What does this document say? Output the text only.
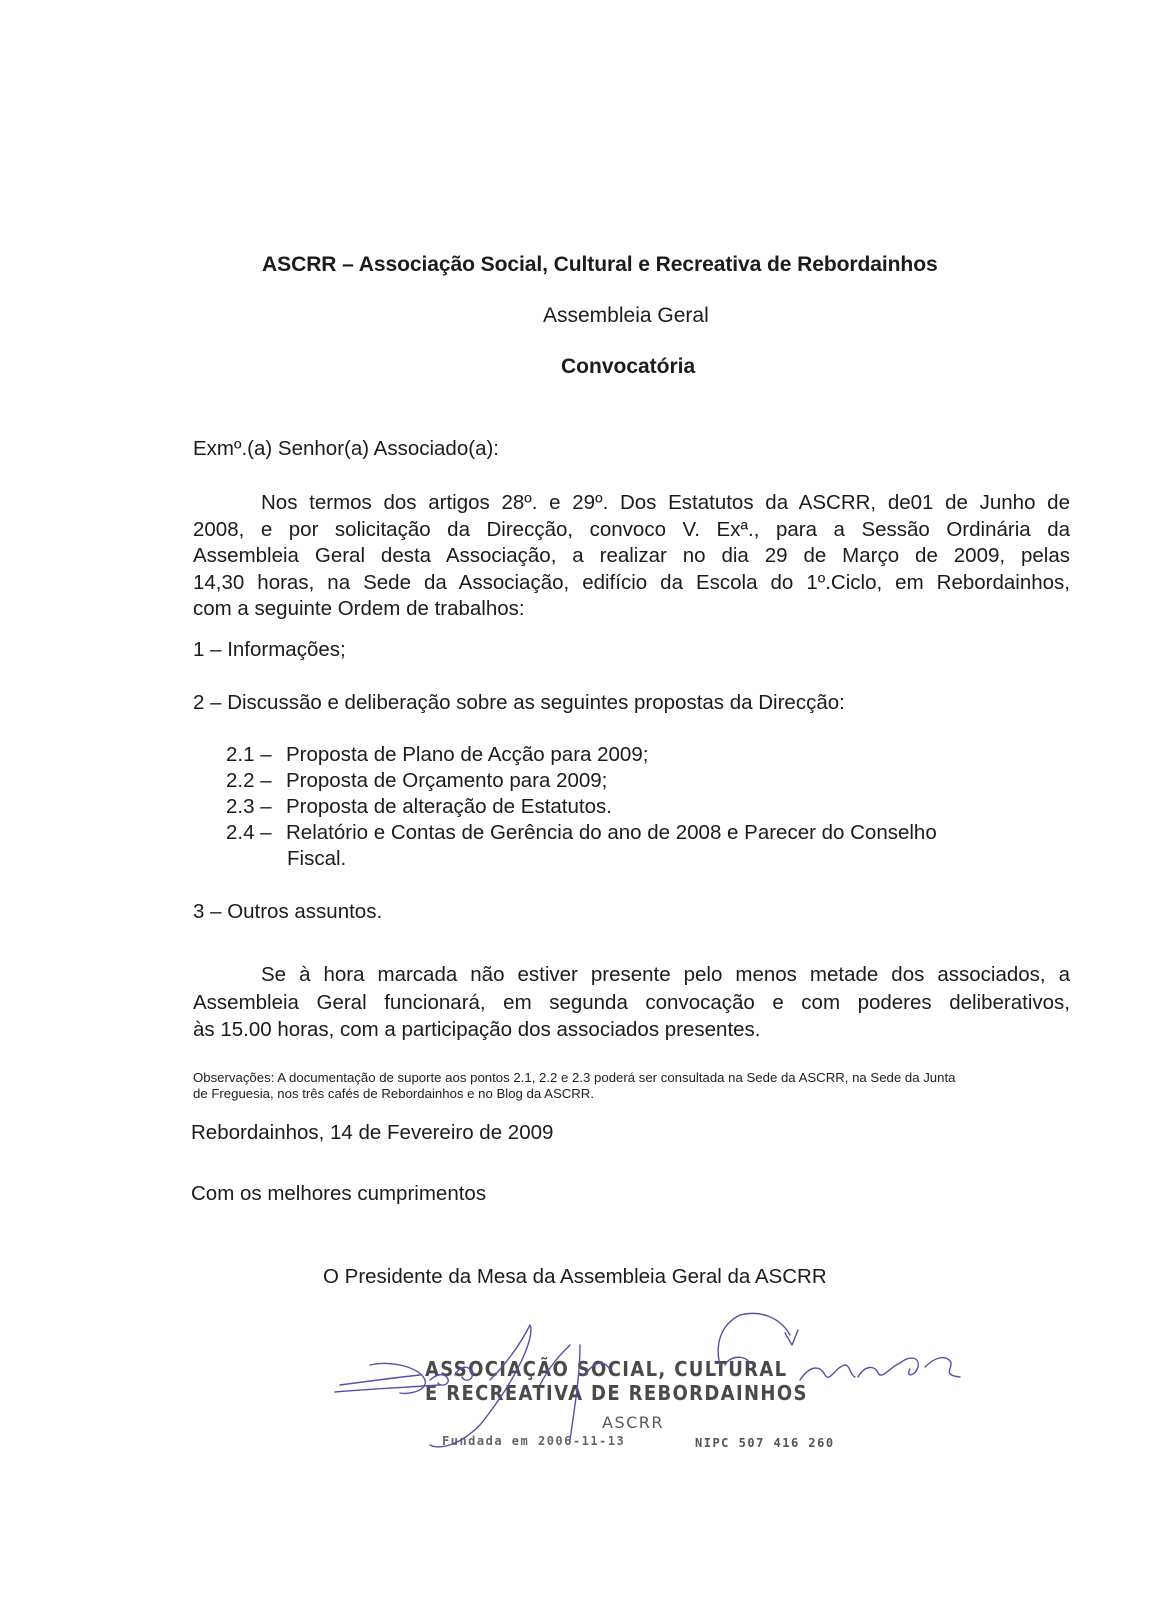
ASCRR – Associação Social, Cultural e Recreativa de Rebordainhos
Assembleia Geral
Convocatória
Exmº.(a) Senhor(a) Associado(a):
Nos termos dos artigos 28º. e 29º. Dos Estatutos da ASCRR, de01 de Junho de
2008, e por solicitação da Direcção, convoco V. Exª., para a Sessão Ordinária da
Assembleia Geral desta Associação, a realizar no dia 29 de Março de 2009, pelas
14,30 horas, na Sede da Associação, edifício da Escola do 1º.Ciclo, em Rebordainhos,
com a seguinte Ordem de trabalhos:
1 – Informações;
2 – Discussão e deliberação sobre as seguintes propostas da Direcção:
2.1 – Proposta de Plano de Acção para 2009;
2.2 – Proposta de Orçamento para 2009;
2.3 – Proposta de alteração de Estatutos.
2.4 – Relatório e Contas de Gerência do ano de 2008 e Parecer do Conselho
Fiscal.
3 – Outros assuntos.
Se à hora marcada não estiver presente pelo menos metade dos associados, a
Assembleia Geral funcionará, em segunda convocação e com poderes deliberativos,
às 15.00 horas, com a participação dos associados presentes.
Observações: A documentação de suporte aos pontos 2.1, 2.2 e 2.3 poderá ser consultada na Sede da ASCRR, na Sede da Junta
de Freguesia, nos três cafés de Rebordainhos e no Blog da ASCRR.
Rebordainhos, 14 de Fevereiro de 2009
Com os melhores cumprimentos
O Presidente da Mesa da Assembleia Geral da ASCRR
ASSOCIAÇÃO SOCIAL, CULTURAL
E RECREATIVA DE REBORDAINHOS
ASCRR
Fundada em 2006-11-13	NIPC 507 416 260
